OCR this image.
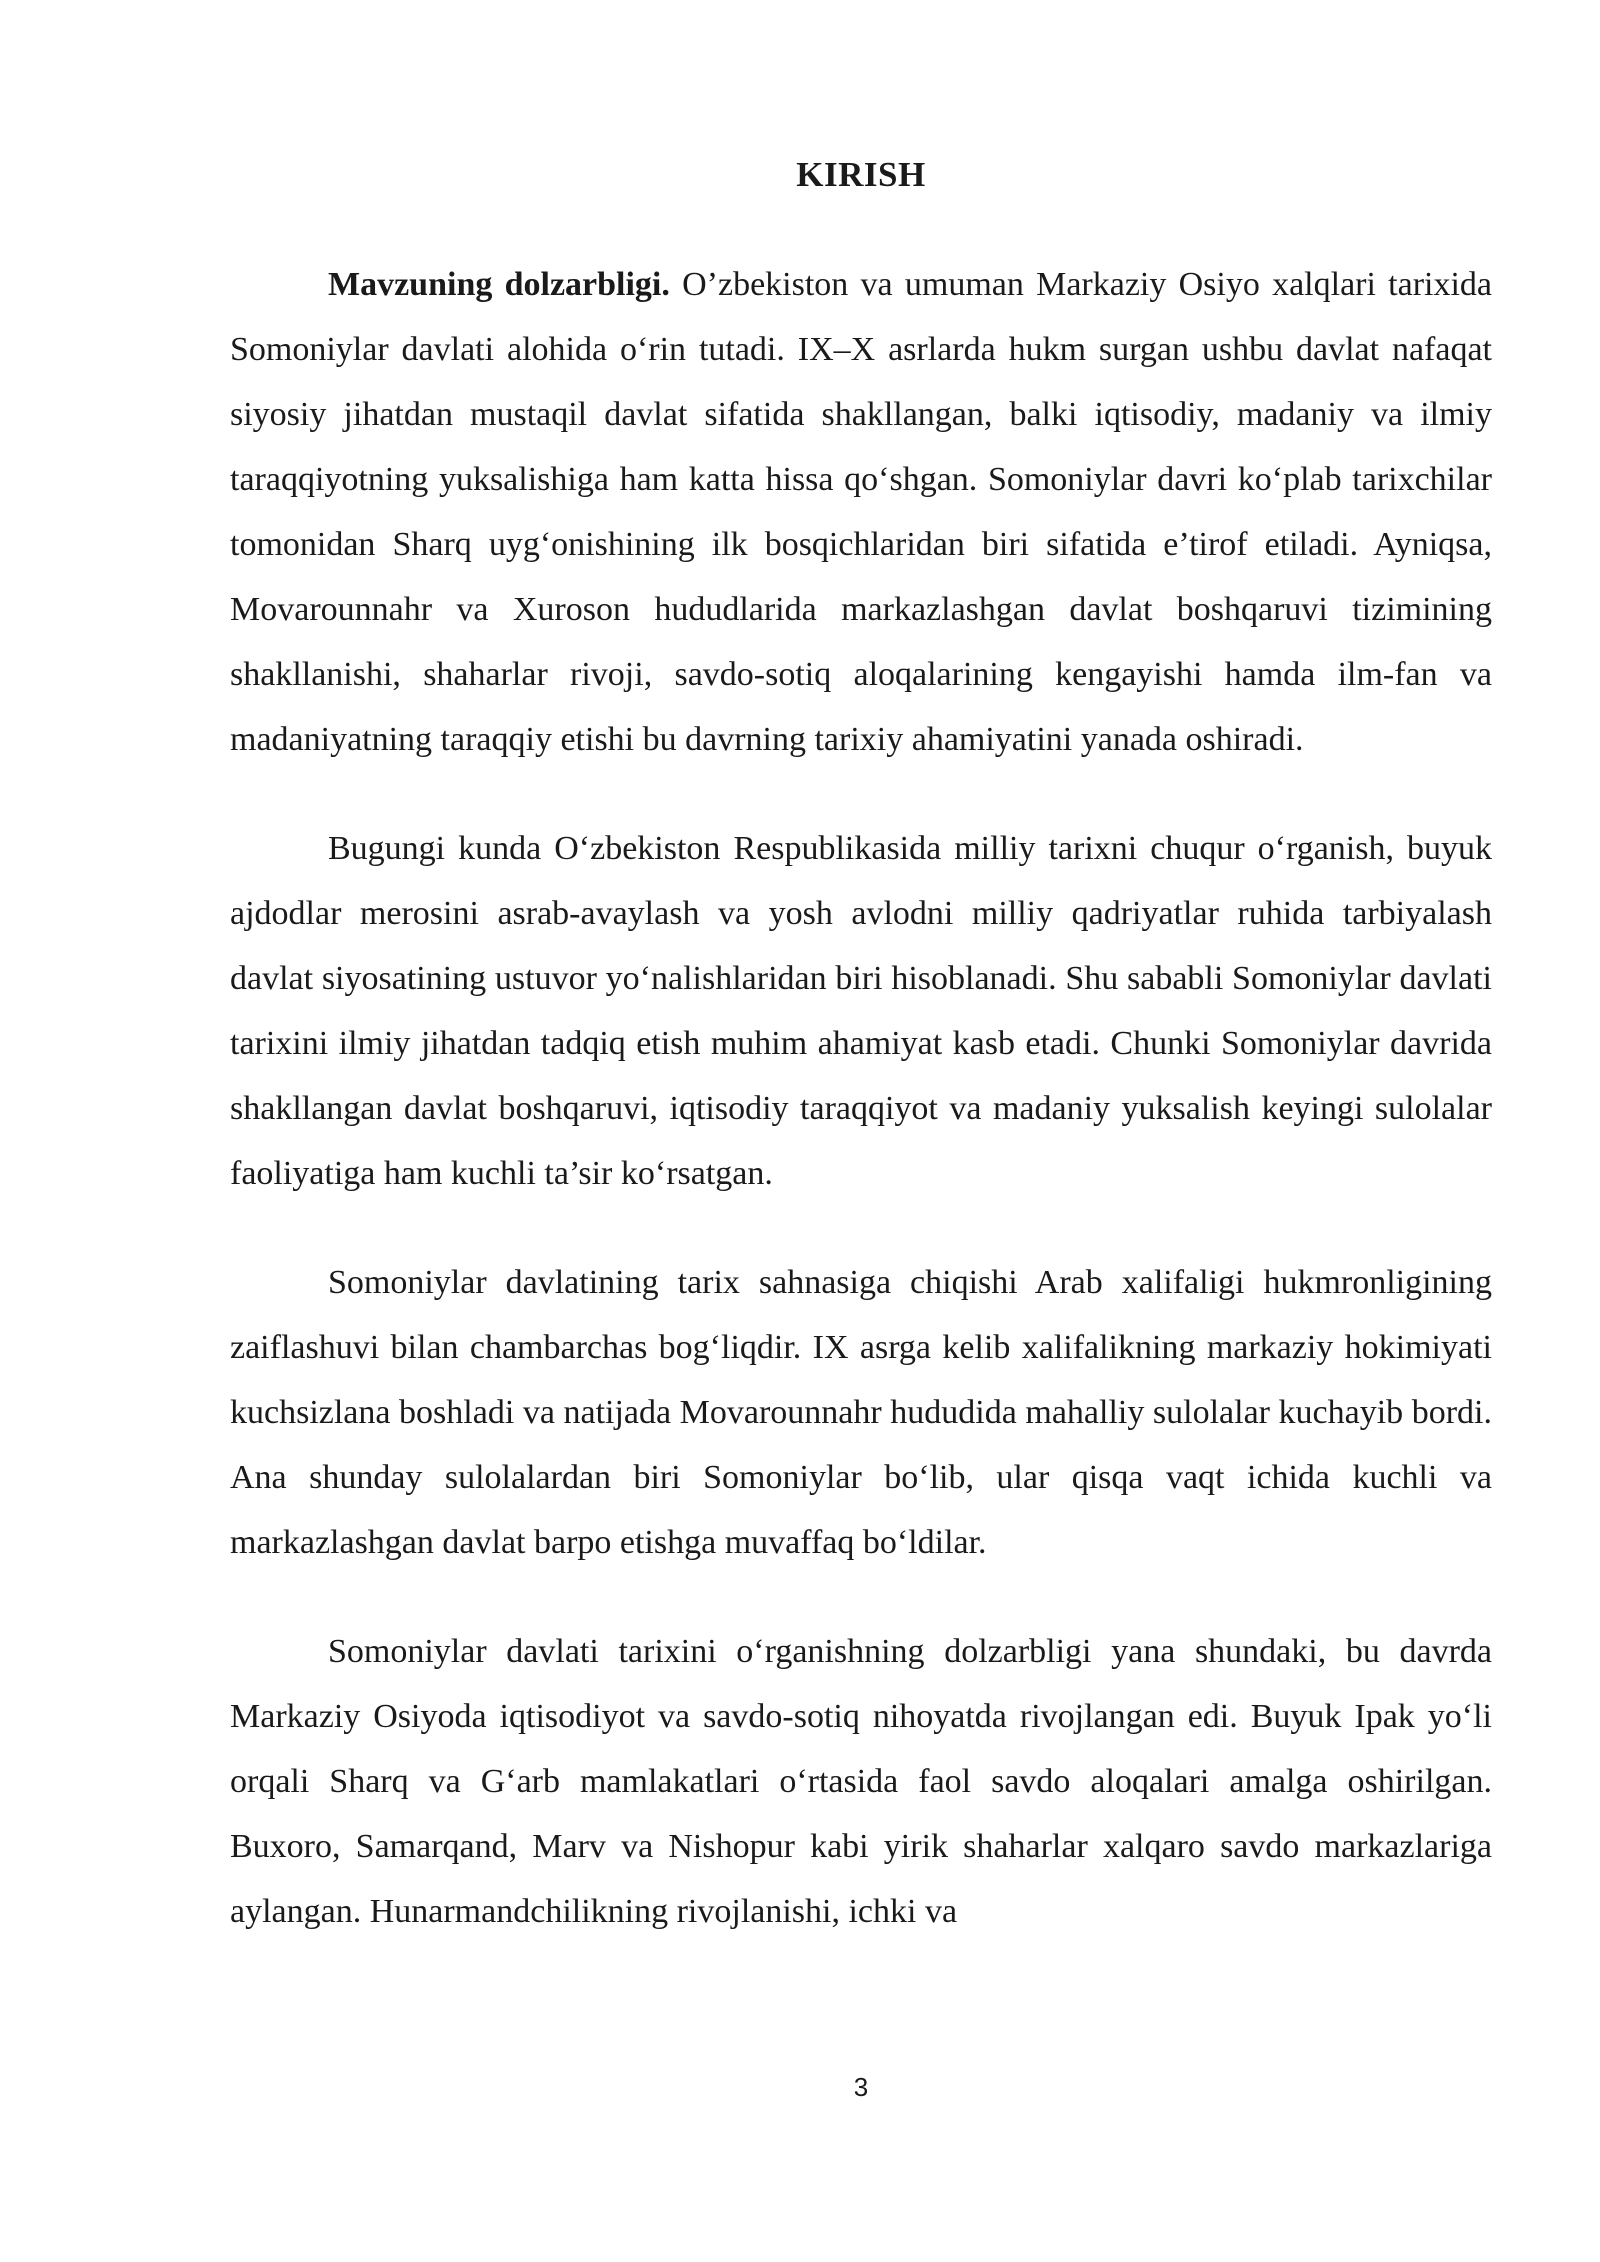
KIRISH

Mavzuning dolzarbligi. O’zbekiston va umuman Markaziy Osiyo xalqlari tarixida Somoniylar davlati alohida o‘rin tutadi. IX–X asrlarda hukm surgan ushbu davlat nafaqat siyosiy jihatdan mustaqil davlat sifatida shakllangan, balki iqtisodiy, madaniy va ilmiy taraqqiyotning yuksalishiga ham katta hissa qo‘shgan. Somoniylar davri ko‘plab tarixchilar tomonidan Sharq uyg‘onishining ilk bosqichlaridan biri sifatida e’tirof etiladi. Ayniqsa, Movarounnahr va Xuroson hududlarida markazlashgan davlat boshqaruvi tizimining shakllanishi, shaharlar rivoji, savdo-sotiq aloqalarining kengayishi hamda ilm-fan va madaniyatning taraqqiy etishi bu davrning tarixiy ahamiyatini yanada oshiradi.

Bugungi kunda O‘zbekiston Respublikasida milliy tarixni chuqur o‘rganish, buyuk ajdodlar merosini asrab-avaylash va yosh avlodni milliy qadriyatlar ruhida tarbiyalash davlat siyosatining ustuvor yo‘nalishlaridan biri hisoblanadi. Shu sababli Somoniylar davlati tarixini ilmiy jihatdan tadqiq etish muhim ahamiyat kasb etadi. Chunki Somoniylar davrida shakllangan davlat boshqaruvi, iqtisodiy taraqqiyot va madaniy yuksalish keyingi sulolalar faoliyatiga ham kuchli ta’sir ko‘rsatgan.

Somoniylar davlatining tarix sahnasiga chiqishi Arab xalifaligi hukmronligining zaiflashuvi bilan chambarchas bog‘liqdir. IX asrga kelib xalifalikning markaziy hokimiyati kuchsizlana boshladi va natijada Movarounnahr hududida mahalliy sulolalar kuchayib bordi. Ana shunday sulolalardan biri Somoniylar bo‘lib, ular qisqa vaqt ichida kuchli va markazlashgan davlat barpo etishga muvaffaq bo‘ldilar.

Somoniylar davlati tarixini o‘rganishning dolzarbligi yana shundaki, bu davrda Markaziy Osiyoda iqtisodiyot va savdo-sotiq nihoyatda rivojlangan edi. Buyuk Ipak yo‘li orqali Sharq va G‘arb mamlakatlari o‘rtasida faol savdo aloqalari amalga oshirilgan. Buxoro, Samarqand, Marv va Nishopur kabi yirik shaharlar xalqaro savdo markazlariga aylangan. Hunarmandchilikning rivojlanishi, ichki va

3
